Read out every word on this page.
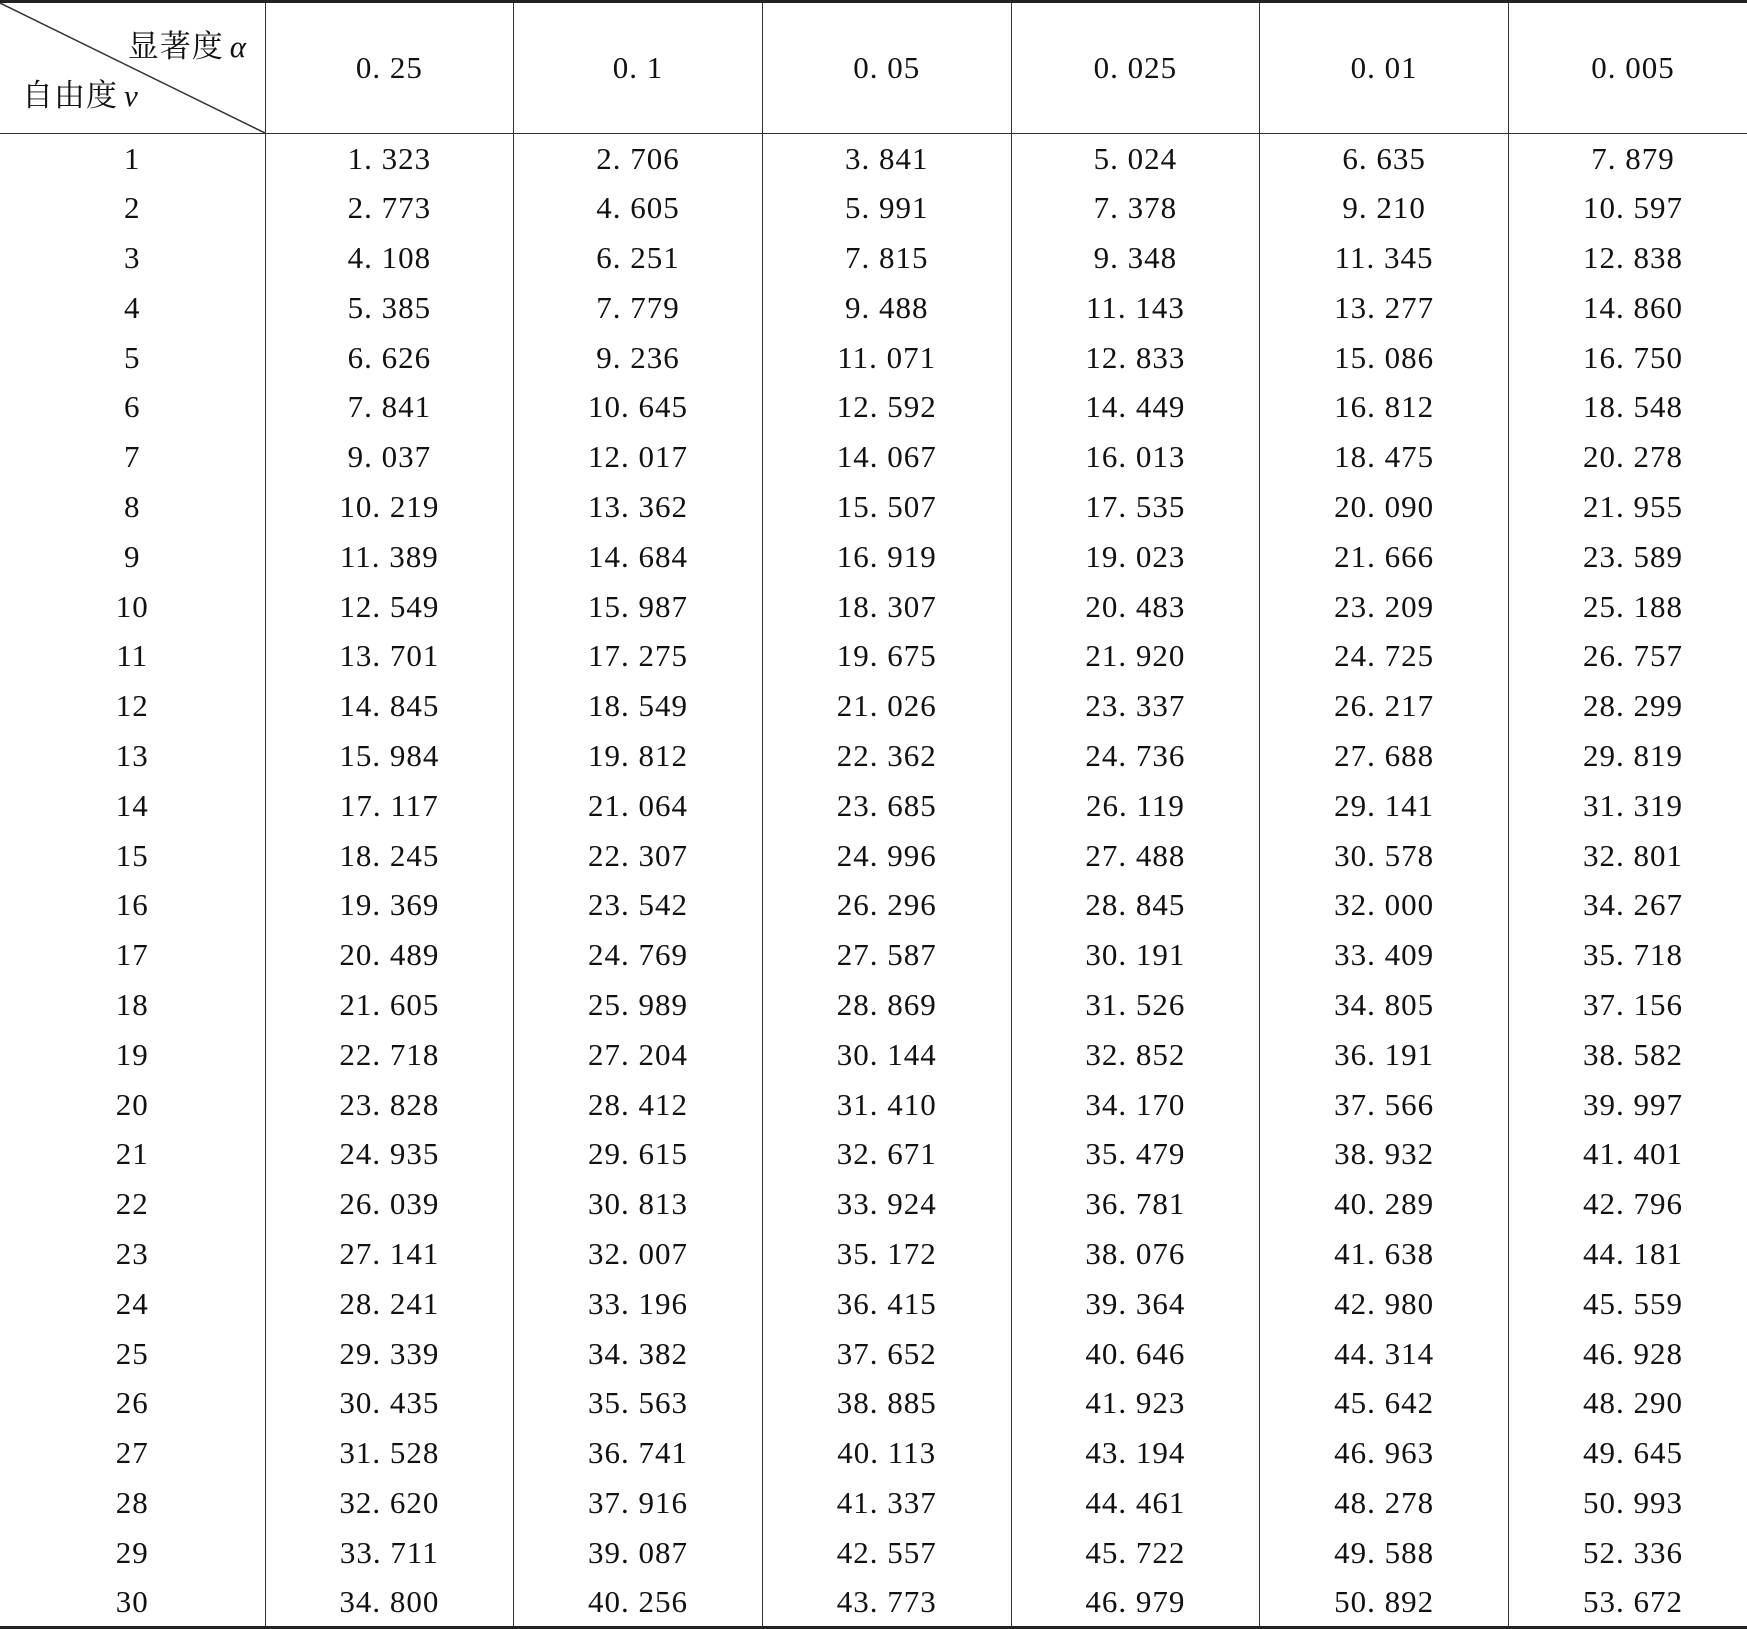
显著度 α
自由度 ν	0. 25	0. 1	0. 05	0. 025	0. 01	0. 005
1	1. 323	2. 706	3. 841	5. 024	6. 635	7. 879
2	2. 773	4. 605	5. 991	7. 378	9. 210	10. 597
3	4. 108	6. 251	7. 815	9. 348	11. 345	12. 838
4	5. 385	7. 779	9. 488	11. 143	13. 277	14. 860
5	6. 626	9. 236	11. 071	12. 833	15. 086	16. 750
6	7. 841	10. 645	12. 592	14. 449	16. 812	18. 548
7	9. 037	12. 017	14. 067	16. 013	18. 475	20. 278
8	10. 219	13. 362	15. 507	17. 535	20. 090	21. 955
9	11. 389	14. 684	16. 919	19. 023	21. 666	23. 589
10	12. 549	15. 987	18. 307	20. 483	23. 209	25. 188
11	13. 701	17. 275	19. 675	21. 920	24. 725	26. 757
12	14. 845	18. 549	21. 026	23. 337	26. 217	28. 299
13	15. 984	19. 812	22. 362	24. 736	27. 688	29. 819
14	17. 117	21. 064	23. 685	26. 119	29. 141	31. 319
15	18. 245	22. 307	24. 996	27. 488	30. 578	32. 801
16	19. 369	23. 542	26. 296	28. 845	32. 000	34. 267
17	20. 489	24. 769	27. 587	30. 191	33. 409	35. 718
18	21. 605	25. 989	28. 869	31. 526	34. 805	37. 156
19	22. 718	27. 204	30. 144	32. 852	36. 191	38. 582
20	23. 828	28. 412	31. 410	34. 170	37. 566	39. 997
21	24. 935	29. 615	32. 671	35. 479	38. 932	41. 401
22	26. 039	30. 813	33. 924	36. 781	40. 289	42. 796
23	27. 141	32. 007	35. 172	38. 076	41. 638	44. 181
24	28. 241	33. 196	36. 415	39. 364	42. 980	45. 559
25	29. 339	34. 382	37. 652	40. 646	44. 314	46. 928
26	30. 435	35. 563	38. 885	41. 923	45. 642	48. 290
27	31. 528	36. 741	40. 113	43. 194	46. 963	49. 645
28	32. 620	37. 916	41. 337	44. 461	48. 278	50. 993
29	33. 711	39. 087	42. 557	45. 722	49. 588	52. 336
30	34. 800	40. 256	43. 773	46. 979	50. 892	53. 672
